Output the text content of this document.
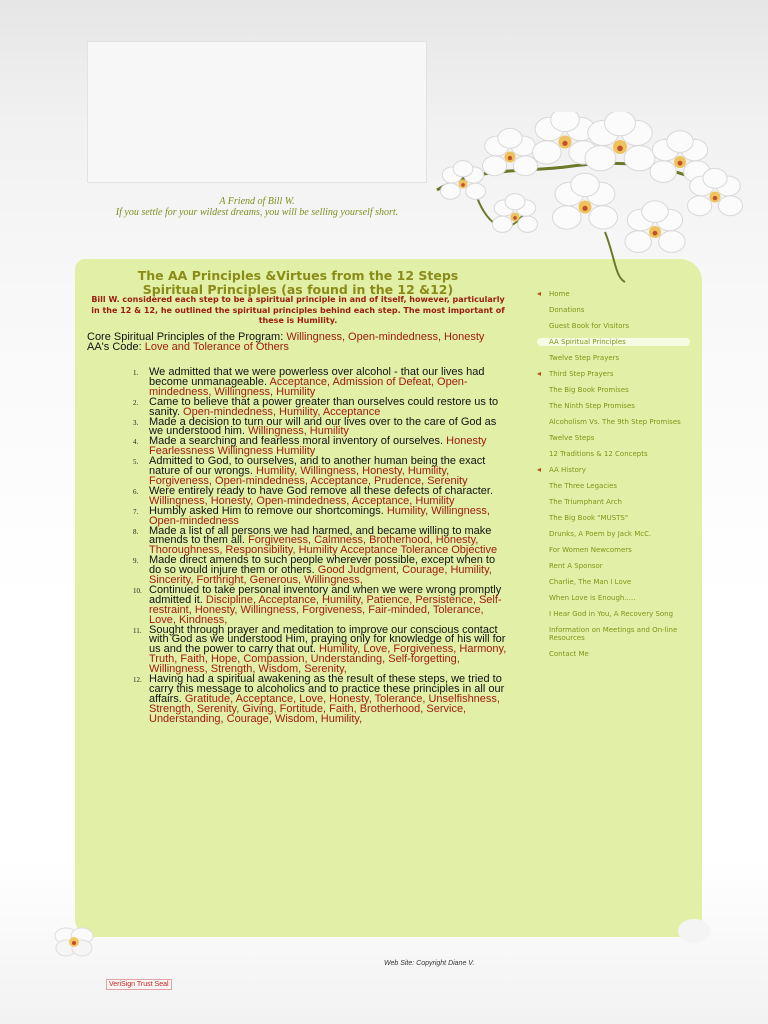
A Friend of Bill W.
If you settle for your wildest dreams, you will be selling yourself short.
The AA Principles &Virtues from the 12 Steps
Spiritual Principles (as found in the 12 &12)

Bill W. considered each step to be a spiritual principle in and of itself, however, particularly in the 12 & 12, he outlined the spiritual principles behind each step. The most important of these is Humility.

Core Spiritual Principles of the Program: Willingness, Open-mindedness, Honesty
AA's Code: Love and Tolerance of Others
1. We admitted that we were powerless over alcohol - that our lives had become unmanageable. Acceptance, Admission of Defeat, Open-mindedness, Willingness, Humility
2. Came to believe that a power greater than ourselves could restore us to sanity. Open-mindedness, Humility, Acceptance
3. Made a decision to turn our will and our lives over to the care of God as we understood him. Willingness, Humility
4. Made a searching and fearless moral inventory of ourselves. Honesty Fearlessness Willingness Humility
5. Admitted to God, to ourselves, and to another human being the exact nature of our wrongs. Humility, Willingness, Honesty, Humility, Forgiveness, Open-mindedness, Acceptance, Prudence, Serenity
6. Were entirely ready to have God remove all these defects of character. Willingness, Honesty, Open-mindedness, Acceptance, Humility
7. Humbly asked Him to remove our shortcomings. Humility, Willingness, Open-mindedness
8. Made a list of all persons we had harmed, and became willing to make amends to them all. Forgiveness, Calmness, Brotherhood, Honesty, Thoroughness, Responsibility, Humility Acceptance Tolerance Objective
9. Made direct amends to such people wherever possible, except when to do so would injure them or others. Good Judgment, Courage, Humility, Sincerity, Forthright, Generous, Willingness,
10. Continued to take personal inventory and when we were wrong promptly admitted it. Discipline, Acceptance, Humility, Patience, Persistence, Self-restraint, Honesty, Willingness, Forgiveness, Fair-minded, Tolerance, Love, Kindness,
11. Sought through prayer and meditation to improve our conscious contact with God as we understood Him, praying only for knowledge of his will for us and the power to carry that out. Humility, Love, Forgiveness, Harmony, Truth, Faith, Hope, Compassion, Understanding, Self-forgetting, Willingness, Strength, Wisdom, Serenity,
12. Having had a spiritual awakening as the result of these steps, we tried to carry this message to alcoholics and to practice these principles in all our affairs. Gratitude, Acceptance, Love, Honesty, Tolerance, Unselfishness, Strength, Serenity, Giving, Fortitude, Faith, Brotherhood, Service, Understanding, Courage, Wisdom, Humility,
◂ Home
Donations
Guest Book for Visitors
AA Spiritual Principles
Twelve Step Prayers
◂ Third Step Prayers
The Big Book Promises
The Ninth Step Promises
Alcoholism Vs. The 9th Step Promises
Twelve Steps
12 Traditions & 12 Concepts
◂ AA History
The Three Legacies
The Triumphant Arch
The Big Book "MUSTS"
Drunks, A Poem by Jack McC.
For Women Newcomers
Rent A Sponsor
Charlie, The Man I Love
When Love is Enough.....
I Hear God in You, A Recovery Song
Information on Meetings and On-line Resources
Contact Me
Web Site: Copyright Diane V.
VeriSign Trust Seal
